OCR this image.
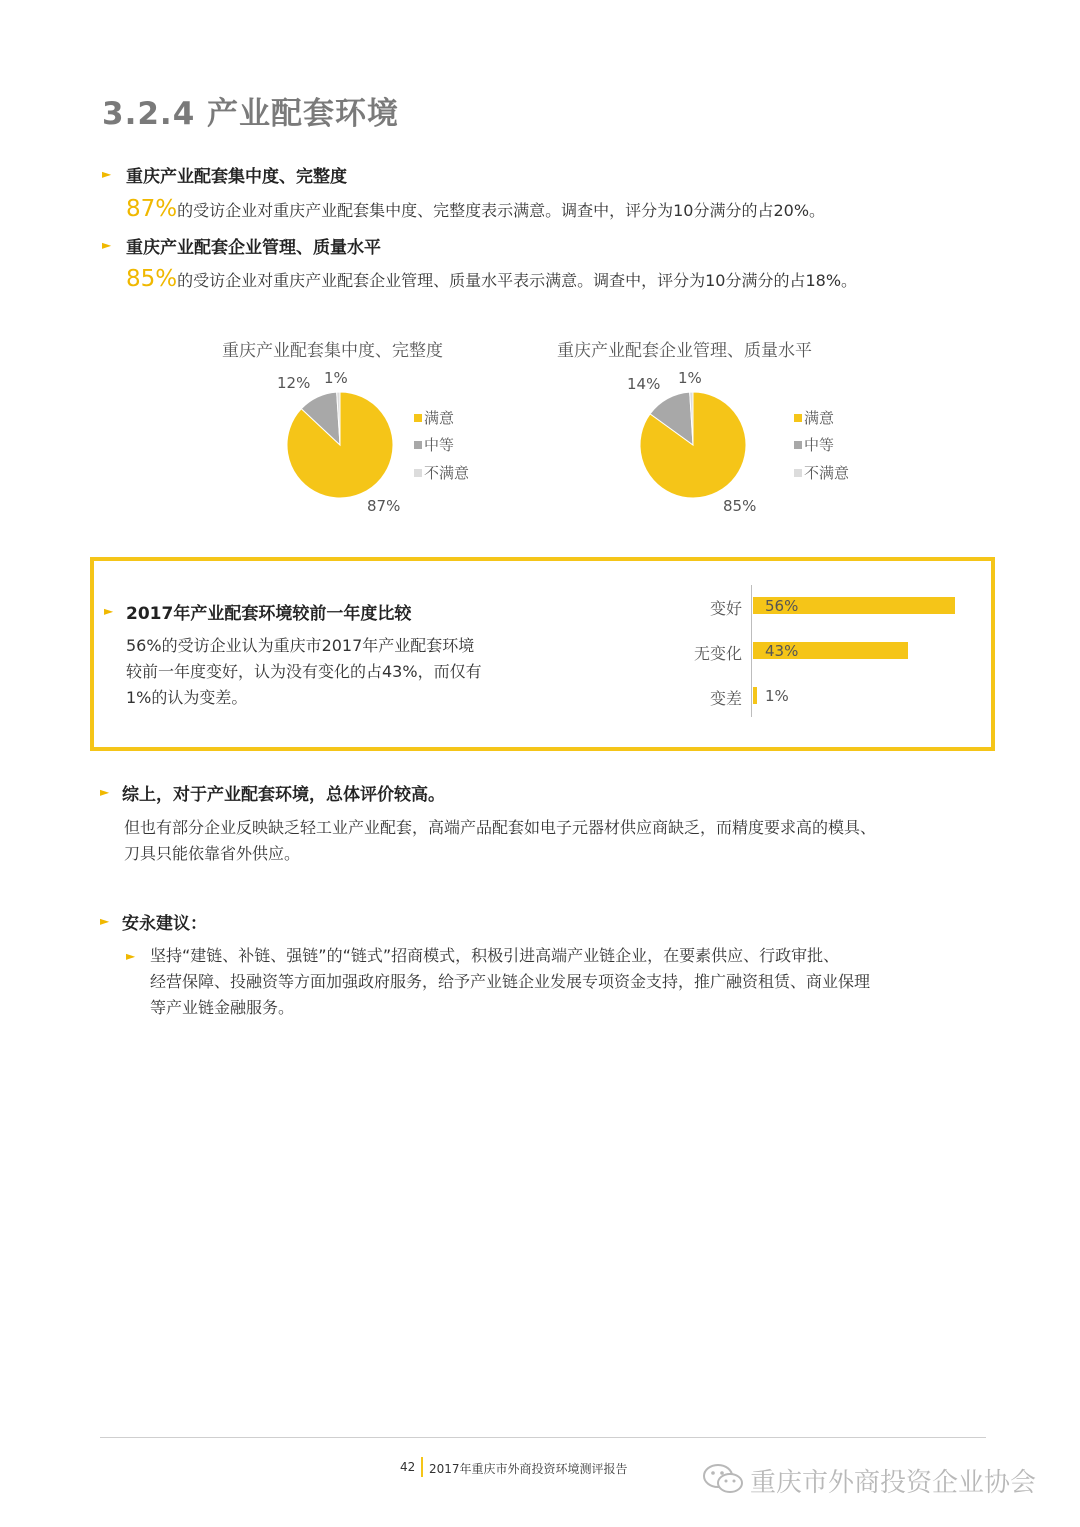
3.2.4 产业配套环境
► 重庆产业配套集中度、完整度
87%的受访企业对重庆产业配套集中度、完整度表示满意。调查中，评分为10分满分的占20%。
► 重庆产业配套企业管理、质量水平
85%的受访企业对重庆产业配套企业管理、质量水平表示满意。调查中，评分为10分满分的占18%。
重庆产业配套集中度、完整度
12% 1%
87%
满意
中等
不满意
重庆产业配套企业管理、质量水平
14% 1%
85%
满意
中等
不满意
► 2017年产业配套环境较前一年度比较
56%的受访企业认为重庆市2017年产业配套环境
较前一年度变好，认为没有变化的占43%，而仅有
1%的认为变差。
变好
无变化
变差
56%
43%
1%
► 综上，对于产业配套环境，总体评价较高。
但也有部分企业反映缺乏轻工业产业配套，高端产品配套如电子元器材供应商缺乏，而精度要求高的模具、
刀具只能依靠省外供应。
► 安永建议：
► 坚持“建链、补链、强链”的“链式”招商模式，积极引进高端产业链企业，在要素供应、行政审批、
经营保障、投融资等方面加强政府服务，给予产业链企业发展专项资金支持，推广融资租赁、商业保理
等产业链金融服务。
42 2017年重庆市外商投资环境测评报告	重庆市外商投资企业协会
